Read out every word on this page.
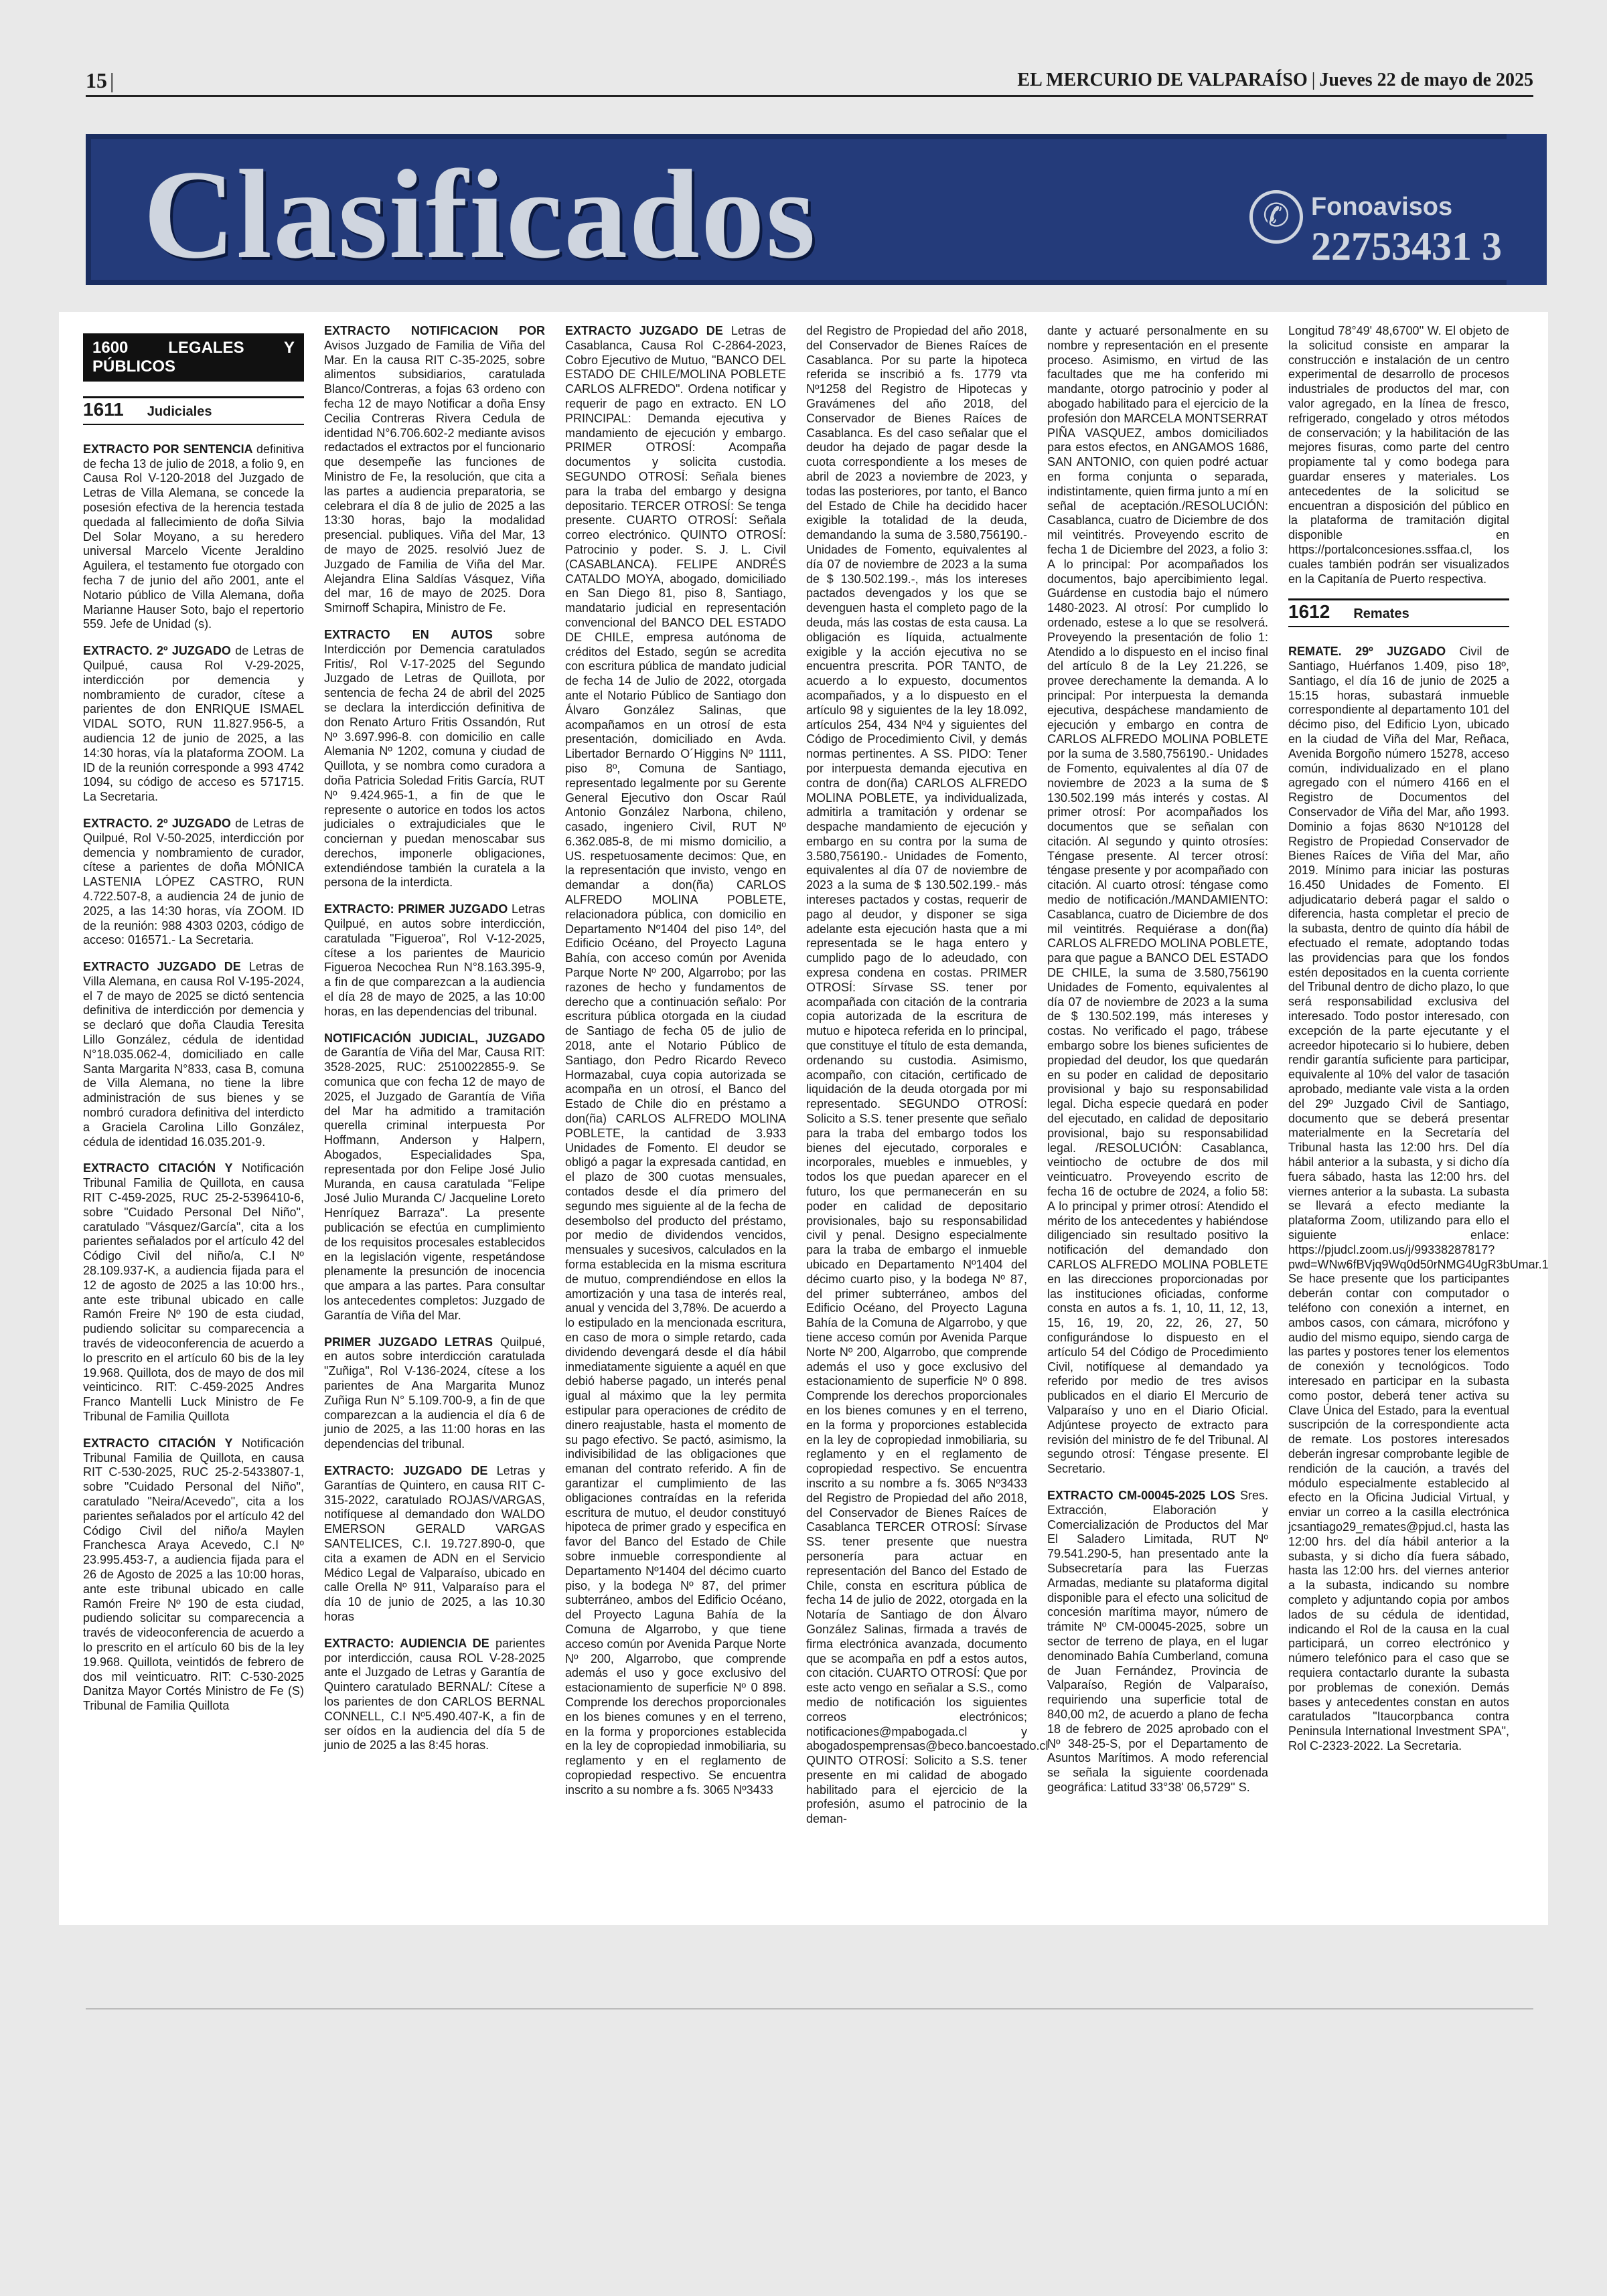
15 |	EL MERCURIO DE VALPARAÍSO | Jueves 22 de mayo de 2025
Clasificados	✆ Fonoavisos
22753431 3
1600 LEGALES Y PÚBLICOS
1611 Judiciales

EXTRACTO POR SENTENCIA definitiva de fecha 13 de julio de 2018, a folio 9, en Causa Rol V-120-2018 del Juzgado de Letras de Villa Alemana, se concede la posesión efectiva de la herencia testada quedada al fallecimiento de doña Silvia Del Solar Moyano, a su heredero universal Marcelo Vicente Jeraldino Aguilera, el testamento fue otorgado con fecha 7 de junio del año 2001, ante el Notario público de Villa Alemana, doña Marianne Hauser Soto, bajo el repertorio 559. Jefe de Unidad (s).

EXTRACTO. 2º JUZGADO de Letras de Quilpué, causa Rol V-29-2025, interdicción por demencia y nombramiento de curador, cítese a parientes de don ENRIQUE ISMAEL VIDAL SOTO, RUN 11.827.956-5, a audiencia 12 de junio de 2025, a las 14:30 horas, vía la plataforma ZOOM. La ID de la reunión corresponde a 993 4742 1094, su código de acceso es 571715. La Secretaria.

EXTRACTO. 2º JUZGADO de Letras de Quilpué, Rol V-50-2025, interdicción por demencia y nombramiento de curador, cítese a parientes de doña MÓNICA LASTENIA LÓPEZ CASTRO, RUN 4.722.507-8, a audiencia 24 de junio de 2025, a las 14:30 horas, vía ZOOM. ID de la reunión: 988 4303 0203, código de acceso: 016571.- La Secretaria.

EXTRACTO JUZGADO DE Letras de Villa Alemana, en causa Rol V-195-2024, el 7 de mayo de 2025 se dictó sentencia definitiva de interdicción por demencia y se declaró que doña Claudia Teresita Lillo González, cédula de identidad N°18.035.062-4, domiciliado en calle Santa Margarita N°833, casa B, comuna de Villa Alemana, no tiene la libre administración de sus bienes y se nombró curadora definitiva del interdicto a Graciela Carolina Lillo González, cédula de identidad 16.035.201-9.

EXTRACTO CITACIÓN Y Notificación Tribunal Familia de Quillota, en causa RIT C-459-2025, RUC 25-2-5396410-6, sobre "Cuidado Personal Del Niño", caratulado "Vásquez/García", cita a los parientes señalados por el artículo 42 del Código Civil del niño/a, C.I Nº 28.109.937-K, a audiencia fijada para el 12 de agosto de 2025 a las 10:00 hrs., ante este tribunal ubicado en calle Ramón Freire Nº 190 de esta ciudad, pudiendo solicitar su comparecencia a través de videoconferencia de acuerdo a lo prescrito en el artículo 60 bis de la ley 19.968. Quillota, dos de mayo de dos mil veinticinco. RIT: C-459-2025 Andres Franco Mantelli Luck Ministro de Fe Tribunal de Familia Quillota

EXTRACTO CITACIÓN Y Notificación Tribunal Familia de Quillota, en causa RIT C-530-2025, RUC 25-2-5433807-1, sobre "Cuidado Personal del Niño", caratulado "Neira/Acevedo", cita a los parientes señalados por el artículo 42 del Código Civil del niño/a Maylen Franchesca Araya Acevedo, C.I Nº 23.995.453-7, a audiencia fijada para el 26 de Agosto de 2025 a las 10:00 horas, ante este tribunal ubicado en calle Ramón Freire Nº 190 de esta ciudad, pudiendo solicitar su comparecencia a través de videoconferencia de acuerdo a lo prescrito en el artículo 60 bis de la ley 19.968. Quillota, veintidós de febrero de dos mil veinticuatro. RIT: C-530-2025 Danitza Mayor Cortés Ministro de Fe (S) Tribunal de Familia Quillota

EXTRACTO NOTIFICACION POR Avisos Juzgado de Familia de Viña del Mar. En la causa RIT C-35-2025, sobre alimentos subsidiarios, caratulada Blanco/Contreras, a fojas 63 ordeno con fecha 12 de mayo Notificar a doña Ensy Cecilia Contreras Rivera Cedula de identidad N°6.706.602-2 mediante avisos redactados el extractos por el funcionario que desempeñe las funciones de Ministro de Fe, la resolución, que cita a las partes a audiencia preparatoria, se celebrara el día 8 de julio de 2025 a las 13:30 horas, bajo la modalidad presencial. publiques. Viña del Mar, 13 de mayo de 2025. resolvió Juez de Juzgado de Familia de Viña del Mar. Alejandra Elina Saldías Vásquez, Viña del mar, 16 de mayo de 2025. Dora Smirnoff Schapira, Ministro de Fe.

EXTRACTO EN AUTOS sobre Interdicción por Demencia caratulados Fritis/, Rol V-17-2025 del Segundo Juzgado de Letras de Quillota, por sentencia de fecha 24 de abril del 2025 se declara la interdicción definitiva de don Renato Arturo Fritis Ossandón, Rut Nº 3.697.996-8. con domicilio en calle Alemania Nº 1202, comuna y ciudad de Quillota, y se nombra como curadora a doña Patricia Soledad Fritis García, RUT Nº 9.424.965-1, a fin de que le represente o autorice en todos los actos judiciales o extrajudiciales que le conciernan y puedan menoscabar sus derechos, imponerle obligaciones, extendiéndose también la curatela a la persona de la interdicta.

EXTRACTO: PRIMER JUZGADO Letras Quilpué, en autos sobre interdicción, caratulada "Figueroa", Rol V-12-2025, cítese a los parientes de Mauricio Figueroa Necochea Run N°8.163.395-9, a fin de que comparezcan a la audiencia el día 28 de mayo de 2025, a las 10:00 horas, en las dependencias del tribunal.

NOTIFICACIÓN JUDICIAL, JUZGADO de Garantía de Viña del Mar, Causa RIT: 3528-2025, RUC: 2510022855-9. Se comunica que con fecha 12 de mayo de 2025, el Juzgado de Garantía de Viña del Mar ha admitido a tramitación querella criminal interpuesta Por Hoffmann, Anderson y Halpern, Abogados, Especialidades Spa, representada por don Felipe José Julio Muranda, en causa caratulada "Felipe José Julio Muranda C/ Jacqueline Loreto Henríquez Barraza". La presente publicación se efectúa en cumplimiento de los requisitos procesales establecidos en la legislación vigente, respetándose plenamente la presunción de inocencia que ampara a las partes. Para consultar los antecedentes completos: Juzgado de Garantía de Viña del Mar.

PRIMER JUZGADO LETRAS Quilpué, en autos sobre interdicción caratulada "Zuñiga", Rol V-136-2024, cítese a los parientes de Ana Margarita Munoz Zuñiga Run N° 5.109.700-9, a fin de que comparezcan a la audiencia el día 6 de junio de 2025, a las 11:00 horas en las dependencias del tribunal.

EXTRACTO: JUZGADO DE Letras y Garantías de Quintero, en causa RIT C-315-2022, caratulado ROJAS/VARGAS, notifíquese al demandado don WALDO EMERSON GERALD VARGAS SANTELICES, C.I. 19.727.890-0, que cita a examen de ADN en el Servicio Médico Legal de Valparaíso, ubicado en calle Orella Nº 911, Valparaíso para el día 10 de junio de 2025, a las 10.30 horas

EXTRACTO: AUDIENCIA DE parientes por interdicción, causa ROL V-28-2025 ante el Juzgado de Letras y Garantía de Quintero caratulado BERNAL/: Cítese a los parientes de don CARLOS BERNAL CONNELL, C.I Nº5.490.407-K, a fin de ser oídos en la audiencia del día 5 de junio de 2025 a las 8:45 horas.

EXTRACTO JUZGADO DE Letras de Casablanca, Causa Rol C-2864-2023, Cobro Ejecutivo de Mutuo, "BANCO DEL ESTADO DE CHILE/MOLINA POBLETE CARLOS ALFREDO". Ordena notificar y requerir de pago en extracto. EN LO PRINCIPAL: Demanda ejecutiva y mandamiento de ejecución y embargo. PRIMER OTROSÍ: Acompaña documentos y solicita custodia. SEGUNDO OTROSÍ: Señala bienes para la traba del embargo y designa depositario. TERCER OTROSÍ: Se tenga presente. CUARTO OTROSÍ: Señala correo electrónico. QUINTO OTROSÍ: Patrocinio y poder. S. J. L. Civil (CASABLANCA). FELIPE ANDRÉS CATALDO MOYA, abogado, domiciliado en San Diego 81, piso 8, Santiago, mandatario judicial en representación convencional del BANCO DEL ESTADO DE CHILE, empresa autónoma de créditos del Estado, según se acredita con escritura pública de mandato judicial de fecha 14 de Julio de 2022, otorgada ante el Notario Público de Santiago don Álvaro González Salinas, que acompañamos en un otrosí de esta presentación, domiciliado en Avda. Libertador Bernardo O´Higgins Nº 1111, piso 8º, Comuna de Santiago, representado legalmente por su Gerente General Ejecutivo don Oscar Raúl Antonio González Narbona, chileno, casado, ingeniero Civil, RUT Nº 6.362.085-8, de mi mismo domicilio, a US. respetuosamente decimos: Que, en la representación que invisto, vengo en demandar a don(ña) CARLOS ALFREDO MOLINA POBLETE, relacionadora pública, con domicilio en Departamento Nº1404 del piso 14º, del Edificio Océano, del Proyecto Laguna Bahía, con acceso común por Avenida Parque Norte Nº 200, Algarrobo; por las razones de hecho y fundamentos de derecho que a continuación señalo: Por escritura pública otorgada en la ciudad de Santiago de fecha 05 de julio de 2018, ante el Notario Público de Santiago, don Pedro Ricardo Reveco Hormazabal, cuya copia autorizada se acompaña en un otrosí, el Banco del Estado de Chile dio en préstamo a don(ña) CARLOS ALFREDO MOLINA POBLETE, la cantidad de 3.933 Unidades de Fomento. El deudor se obligó a pagar la expresada cantidad, en el plazo de 300 cuotas mensuales, contados desde el día primero del segundo mes siguiente al de la fecha de desembolso del producto del préstamo, por medio de dividendos vencidos, mensuales y sucesivos, calculados en la forma establecida en la misma escritura de mutuo, comprendiéndose en ellos la amortización y una tasa de interés real, anual y vencida del 3,78%. De acuerdo a lo estipulado en la mencionada escritura, en caso de mora o simple retardo, cada dividendo devengará desde el día hábil inmediatamente siguiente a aquél en que debió haberse pagado, un interés penal igual al máximo que la ley permita estipular para operaciones de crédito de dinero reajustable, hasta el momento de su pago efectivo. Se pactó, asimismo, la indivisibilidad de las obligaciones que emanan del contrato referido. A fin de garantizar el cumplimiento de las obligaciones contraídas en la referida escritura de mutuo, el deudor constituyó hipoteca de primer grado y especifica en favor del Banco del Estado de Chile sobre inmueble correspondiente al Departamento Nº1404 del décimo cuarto piso, y la bodega Nº 87, del primer subterráneo, ambos del Edificio Océano, del Proyecto Laguna Bahía de la Comuna de Algarrobo, y que tiene acceso común por Avenida Parque Norte Nº 200, Algarrobo, que comprende además el uso y goce exclusivo del estacionamiento de superficie Nº 0 898. Comprende los derechos proporcionales en los bienes comunes y en el terreno, en la forma y proporciones establecida en la ley de copropiedad inmobiliaria, su reglamento y en el reglamento de copropiedad respectivo. Se encuentra inscrito a su nombre a fs. 3065 Nº3433

del Registro de Propiedad del año 2018, del Conservador de Bienes Raíces de Casablanca. Por su parte la hipoteca referida se inscribió a fs. 1779 vta Nº1258 del Registro de Hipotecas y Gravámenes del año 2018, del Conservador de Bienes Raíces de Casablanca. Es del caso señalar que el deudor ha dejado de pagar desde la cuota correspondiente a los meses de abril de 2023 a noviembre de 2023, y todas las posteriores, por tanto, el Banco del Estado de Chile ha decidido hacer exigible la totalidad de la deuda, demandando la suma de 3.580,756190.- Unidades de Fomento, equivalentes al día 07 de noviembre de 2023 a la suma de $ 130.502.199.-, más los intereses pactados devengados y los que se devenguen hasta el completo pago de la deuda, más las costas de esta causa. La obligación es líquida, actualmente exigible y la acción ejecutiva no se encuentra prescrita. POR TANTO, de acuerdo a lo expuesto, documentos acompañados, y a lo dispuesto en el artículo 98 y siguientes de la ley 18.092, artículos 254, 434 Nº4 y siguientes del Código de Procedimiento Civil, y demás normas pertinentes. A SS. PIDO: Tener por interpuesta demanda ejecutiva en contra de don(ña) CARLOS ALFREDO MOLINA POBLETE, ya individualizada, admitirla a tramitación y ordenar se despache mandamiento de ejecución y embargo en su contra por la suma de 3.580,756190.- Unidades de Fomento, equivalentes al día 07 de noviembre de 2023 a la suma de $ 130.502.199.- más intereses pactados y costas, requerir de pago al deudor, y disponer se siga adelante esta ejecución hasta que a mi representada se le haga entero y cumplido pago de lo adeudado, con expresa condena en costas. PRIMER OTROSÍ: Sírvase SS. tener por acompañada con citación de la contraria copia autorizada de la escritura de mutuo e hipoteca referida en lo principal, que constituye el título de esta demanda, ordenando su custodia. Asimismo, acompaño, con citación, certificado de liquidación de la deuda otorgada por mi representado. SEGUNDO OTROSÍ: Solicito a S.S. tener presente que señalo para la traba del embargo todos los bienes del ejecutado, corporales e incorporales, muebles e inmuebles, y todos los que puedan aparecer en el futuro, los que permanecerán en su poder en calidad de depositario provisionales, bajo su responsabilidad civil y penal. Designo especialmente para la traba de embargo el inmueble ubicado en Departamento Nº1404 del décimo cuarto piso, y la bodega Nº 87, del primer subterráneo, ambos del Edificio Océano, del Proyecto Laguna Bahía de la Comuna de Algarrobo, y que tiene acceso común por Avenida Parque Norte Nº 200, Algarrobo, que comprende además el uso y goce exclusivo del estacionamiento de superficie Nº 0 898. Comprende los derechos proporcionales en los bienes comunes y en el terreno, en la forma y proporciones establecida en la ley de copropiedad inmobiliaria, su reglamento y en el reglamento de copropiedad respectivo. Se encuentra inscrito a su nombre a fs. 3065 Nº3433 del Registro de Propiedad del año 2018, del Conservador de Bienes Raíces de Casablanca TERCER OTROSÍ: Sírvase SS. tener presente que nuestra personería para actuar en representación del Banco del Estado de Chile, consta en escritura pública de fecha 14 de julio de 2022, otorgada en la Notaría de Santiago de don Álvaro González Salinas, firmada a través de firma electrónica avanzada, documento que se acompaña en pdf a estos autos, con citación. CUARTO OTROSÍ: Que por este acto vengo en señalar a S.S., como medio de notificación los siguientes correos electrónicos; notificaciones@mpabogada.cl y abogadospemprensas@beco.bancoestado.cl QUINTO OTROSÍ: Solicito a S.S. tener presente en mi calidad de abogado habilitado para el ejercicio de la profesión, asumo el patrocinio de la deman-

dante y actuaré personalmente en su nombre y representación en el presente proceso. Asimismo, en virtud de las facultades que me ha conferido mi mandante, otorgo patrocinio y poder al abogado habilitado para el ejercicio de la profesión don MARCELA MONTSERRAT PIÑA VASQUEZ, ambos domiciliados para estos efectos, en ANGAMOS 1686, SAN ANTONIO, con quien podré actuar en forma conjunta o separada, indistintamente, quien firma junto a mí en señal de aceptación./RESOLUCIÓN: Casablanca, cuatro de Diciembre de dos mil veintitrés. Proveyendo escrito de fecha 1 de Diciembre del 2023, a folio 3: A lo principal: Por acompañados los documentos, bajo apercibimiento legal. Guárdense en custodia bajo el número 1480-2023. Al otrosí: Por cumplido lo ordenado, estese a lo que se resolverá. Proveyendo la presentación de folio 1: Atendido a lo dispuesto en el inciso final del artículo 8 de la Ley 21.226, se provee derechamente la demanda. A lo principal: Por interpuesta la demanda ejecutiva, despáchese mandamiento de ejecución y embargo en contra de CARLOS ALFREDO MOLINA POBLETE por la suma de 3.580,756190.- Unidades de Fomento, equivalentes al día 07 de noviembre de 2023 a la suma de $ 130.502.199 más interés y costas. Al primer otrosí: Por acompañados los documentos que se señalan con citación. Al segundo y quinto otrosíes: Téngase presente. Al tercer otrosí: téngase presente y por acompañado con citación. Al cuarto otrosí: téngase como medio de notificación./MANDAMIENTO: Casablanca, cuatro de Diciembre de dos mil veintitrés. Requiérase a don(ña) CARLOS ALFREDO MOLINA POBLETE, para que pague a BANCO DEL ESTADO DE CHILE, la suma de 3.580,756190 Unidades de Fomento, equivalentes al día 07 de noviembre de 2023 a la suma de $ 130.502.199, más intereses y costas. No verificado el pago, trábese embargo sobre los bienes suficientes de propiedad del deudor, los que quedarán en su poder en calidad de depositario provisional y bajo su responsabilidad legal. Dicha especie quedará en poder del ejecutado, en calidad de depositario provisional, bajo su responsabilidad legal. /RESOLUCIÓN: Casablanca, veintiocho de octubre de dos mil veinticuatro. Proveyendo escrito de fecha 16 de octubre de 2024, a folio 58: A lo principal y primer otrosí: Atendido el mérito de los antecedentes y habiéndose diligenciado sin resultado positivo la notificación del demandado don CARLOS ALFREDO MOLINA POBLETE en las direcciones proporcionadas por las instituciones oficiadas, conforme consta en autos a fs. 1, 10, 11, 12, 13, 15, 16, 19, 20, 22, 26, 27, 50 configurándose lo dispuesto en el artículo 54 del Código de Procedimiento Civil, notifíquese al demandado ya referido por medio de tres avisos publicados en el diario El Mercurio de Valparaíso y uno en el Diario Oficial. Adjúntese proyecto de extracto para revisión del ministro de fe del Tribunal. Al segundo otrosí: Téngase presente. El Secretario.

EXTRACTO CM-00045-2025 LOS Sres. Extracción, Elaboración y Comercialización de Productos del Mar El Saladero Limitada, RUT Nº 79.541.290-5, han presentado ante la Subsecretaría para las Fuerzas Armadas, mediante su plataforma digital disponible para el efecto una solicitud de concesión marítima mayor, número de trámite Nº CM-00045-2025, sobre un sector de terreno de playa, en el lugar denominado Bahía Cumberland, comuna de Juan Fernández, Provincia de Valparaíso, Región de Valparaíso, requiriendo una superficie total de 840,00 m2, de acuerdo a plano de fecha 18 de febrero de 2025 aprobado con el Nº 348-25-S, por el Departamento de Asuntos Marítimos. A modo referencial se señala la siguiente coordenada geográfica: Latitud 33°38' 06,5729'' S.

Longitud 78°49' 48,6700'' W. El objeto de la solicitud consiste en amparar la construcción e instalación de un centro experimental de desarrollo de procesos industriales de productos del mar, con valor agregado, en la línea de fresco, refrigerado, congelado y otros métodos de conservación; y la habilitación de las mejores fisuras, como parte del centro propiamente tal y como bodega para guardar enseres y materiales. Los antecedentes de la solicitud se encuentran a disposición del público en la plataforma de tramitación digital disponible en https://portalconcesiones.ssffaa.cl, los cuales también podrán ser visualizados en la Capitanía de Puerto respectiva.

1612 Remates

REMATE. 29º JUZGADO Civil de Santiago, Huérfanos 1.409, piso 18º, Santiago, el día 16 de junio de 2025 a 15:15 horas, subastará inmueble correspondiente al departamento 101 del décimo piso, del Edificio Lyon, ubicado en la ciudad de Viña del Mar, Reñaca, Avenida Borgoño número 15278, acceso común, individualizado en el plano agregado con el número 4166 en el Registro de Documentos del Conservador de Viña del Mar, año 1993. Dominio a fojas 8630 Nº10128 del Registro de Propiedad Conservador de Bienes Raíces de Viña del Mar, año 2019. Mínimo para iniciar las posturas 16.450 Unidades de Fomento. El adjudicatario deberá pagar el saldo o diferencia, hasta completar el precio de la subasta, dentro de quinto día hábil de efectuado el remate, adoptando todas las providencias para que los fondos estén depositados en la cuenta corriente del Tribunal dentro de dicho plazo, lo que será responsabilidad exclusiva del interesado. Todo postor interesado, con excepción de la parte ejecutante y el acreedor hipotecario si lo hubiere, deben rendir garantía suficiente para participar, equivalente al 10% del valor de tasación aprobado, mediante vale vista a la orden del 29º Juzgado Civil de Santiago, documento que se deberá presentar materialmente en la Secretaría del Tribunal hasta las 12:00 hrs. Del día hábil anterior a la subasta, y si dicho día fuera sábado, hasta las 12:00 hrs. del viernes anterior a la subasta. La subasta se llevará a efecto mediante la plataforma Zoom, utilizando para ello el siguiente enlace: https://pjudcl.zoom.us/j/99338287817?pwd=WNw6fBVjq9Wq0d50rNMG4UgR3bUmar.1 Se hace presente que los participantes deberán contar con computador o teléfono con conexión a internet, en ambos casos, con cámara, micrófono y audio del mismo equipo, siendo carga de las partes y postores tener los elementos de conexión y tecnológicos. Todo interesado en participar en la subasta como postor, deberá tener activa su Clave Única del Estado, para la eventual suscripción de la correspondiente acta de remate. Los postores interesados deberán ingresar comprobante legible de rendición de la caución, a través del módulo especialmente establecido al efecto en la Oficina Judicial Virtual, y enviar un correo a la casilla electrónica jcsantiago29_remates@pjud.cl, hasta las 12:00 hrs. del día hábil anterior a la subasta, y si dicho día fuera sábado, hasta las 12:00 hrs. del viernes anterior a la subasta, indicando su nombre completo y adjuntando copia por ambos lados de su cédula de identidad, indicando el Rol de la causa en la cual participará, un correo electrónico y número telefónico para el caso que se requiera contactarlo durante la subasta por problemas de conexión. Demás bases y antecedentes constan en autos caratulados "Itaucorpbanca contra Peninsula International Investment SPA", Rol C-2323-2022. La Secretaria.
